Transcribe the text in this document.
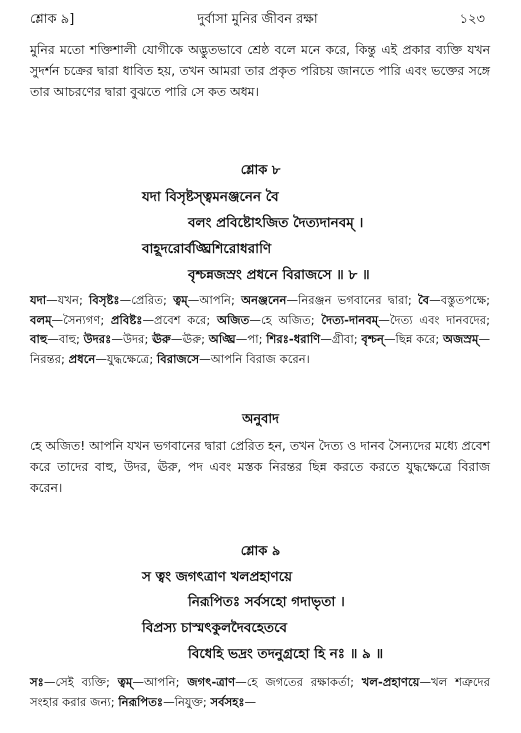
শ্লোক ৯]	দুর্বাসা মুনির জীবন রক্ষা	১২৩

মুনির মতো শক্তিশালী যোগীকে অদ্ভুতভাবে শ্রেষ্ঠ বলে মনে করে, কিন্তু এই প্রকার ব্যক্তি যখন সুদর্শন চক্রের দ্বারা ধাবিত হয়, তখন আমরা তার প্রকৃত পরিচয় জানতে পারি এবং ভক্তের সঙ্গে তার আচরণের দ্বারা বুঝতে পারি সে কত অধম।

শ্লোক ৮

যদা বিসৃষ্টস্ত্বমনঞ্জনেন বৈ

বলং প্রবিষ্টোঽজিত দৈত্যদানবম্ ।

বাহূদরোর্বঙ্ঘ্রিশিরোধরাণি

বৃশ্চন্নজস্রং প্রধনে বিরাজসে ॥ ৮ ॥

যদা—যখন; বিসৃষ্টঃ—প্রেরিত; ত্বম্—আপনি; অনঞ্জনেন—নিরঞ্জন ভগবানের দ্বারা; বৈ—বস্তুতপক্ষে; বলম্—সৈন্যগণ; প্রবিষ্টঃ—প্রবেশ করে; অজিত—হে অজিত; দৈত্য-দানবম্—দৈত্য এবং দানবদের; বাহু—বাহু; উদরঃ—উদর; ঊরু—ঊরু; অঙ্ঘ্রি—পা; শিরঃ-ধরাণি—গ্রীবা; বৃশ্চন্—ছিন্ন করে; অজস্রম্—নিরন্তর; প্রধনে—যুদ্ধক্ষেত্রে; বিরাজসে—আপনি বিরাজ করেন।

অনুবাদ

হে অজিত! আপনি যখন ভগবানের দ্বারা প্রেরিত হন, তখন দৈত্য ও দানব সৈন্যদের মধ্যে প্রবেশ করে তাদের বাহু, উদর, ঊরু, পদ এবং মস্তক নিরন্তর ছিন্ন করতে করতে যুদ্ধক্ষেত্রে বিরাজ করেন।

শ্লোক ৯

স ত্বং জগৎত্রাণ খলপ্রহাণয়ে

নিরূপিতঃ সর্বসহো গদাভৃতা ।

বিপ্রস্য চাস্মৎকুলদৈবহেতবে

বিধেহি ভদ্রং তদনুগ্রহো হি নঃ ॥ ৯ ॥

সঃ—সেই ব্যক্তি; ত্বম্—আপনি; জগৎ-ত্রাণ—হে জগতের রক্ষাকর্তা; খল-প্রহাণয়ে—খল শত্রুদের সংহার করার জন্য; নিরূপিতঃ—নিযুক্ত; সর্বসহঃ—
